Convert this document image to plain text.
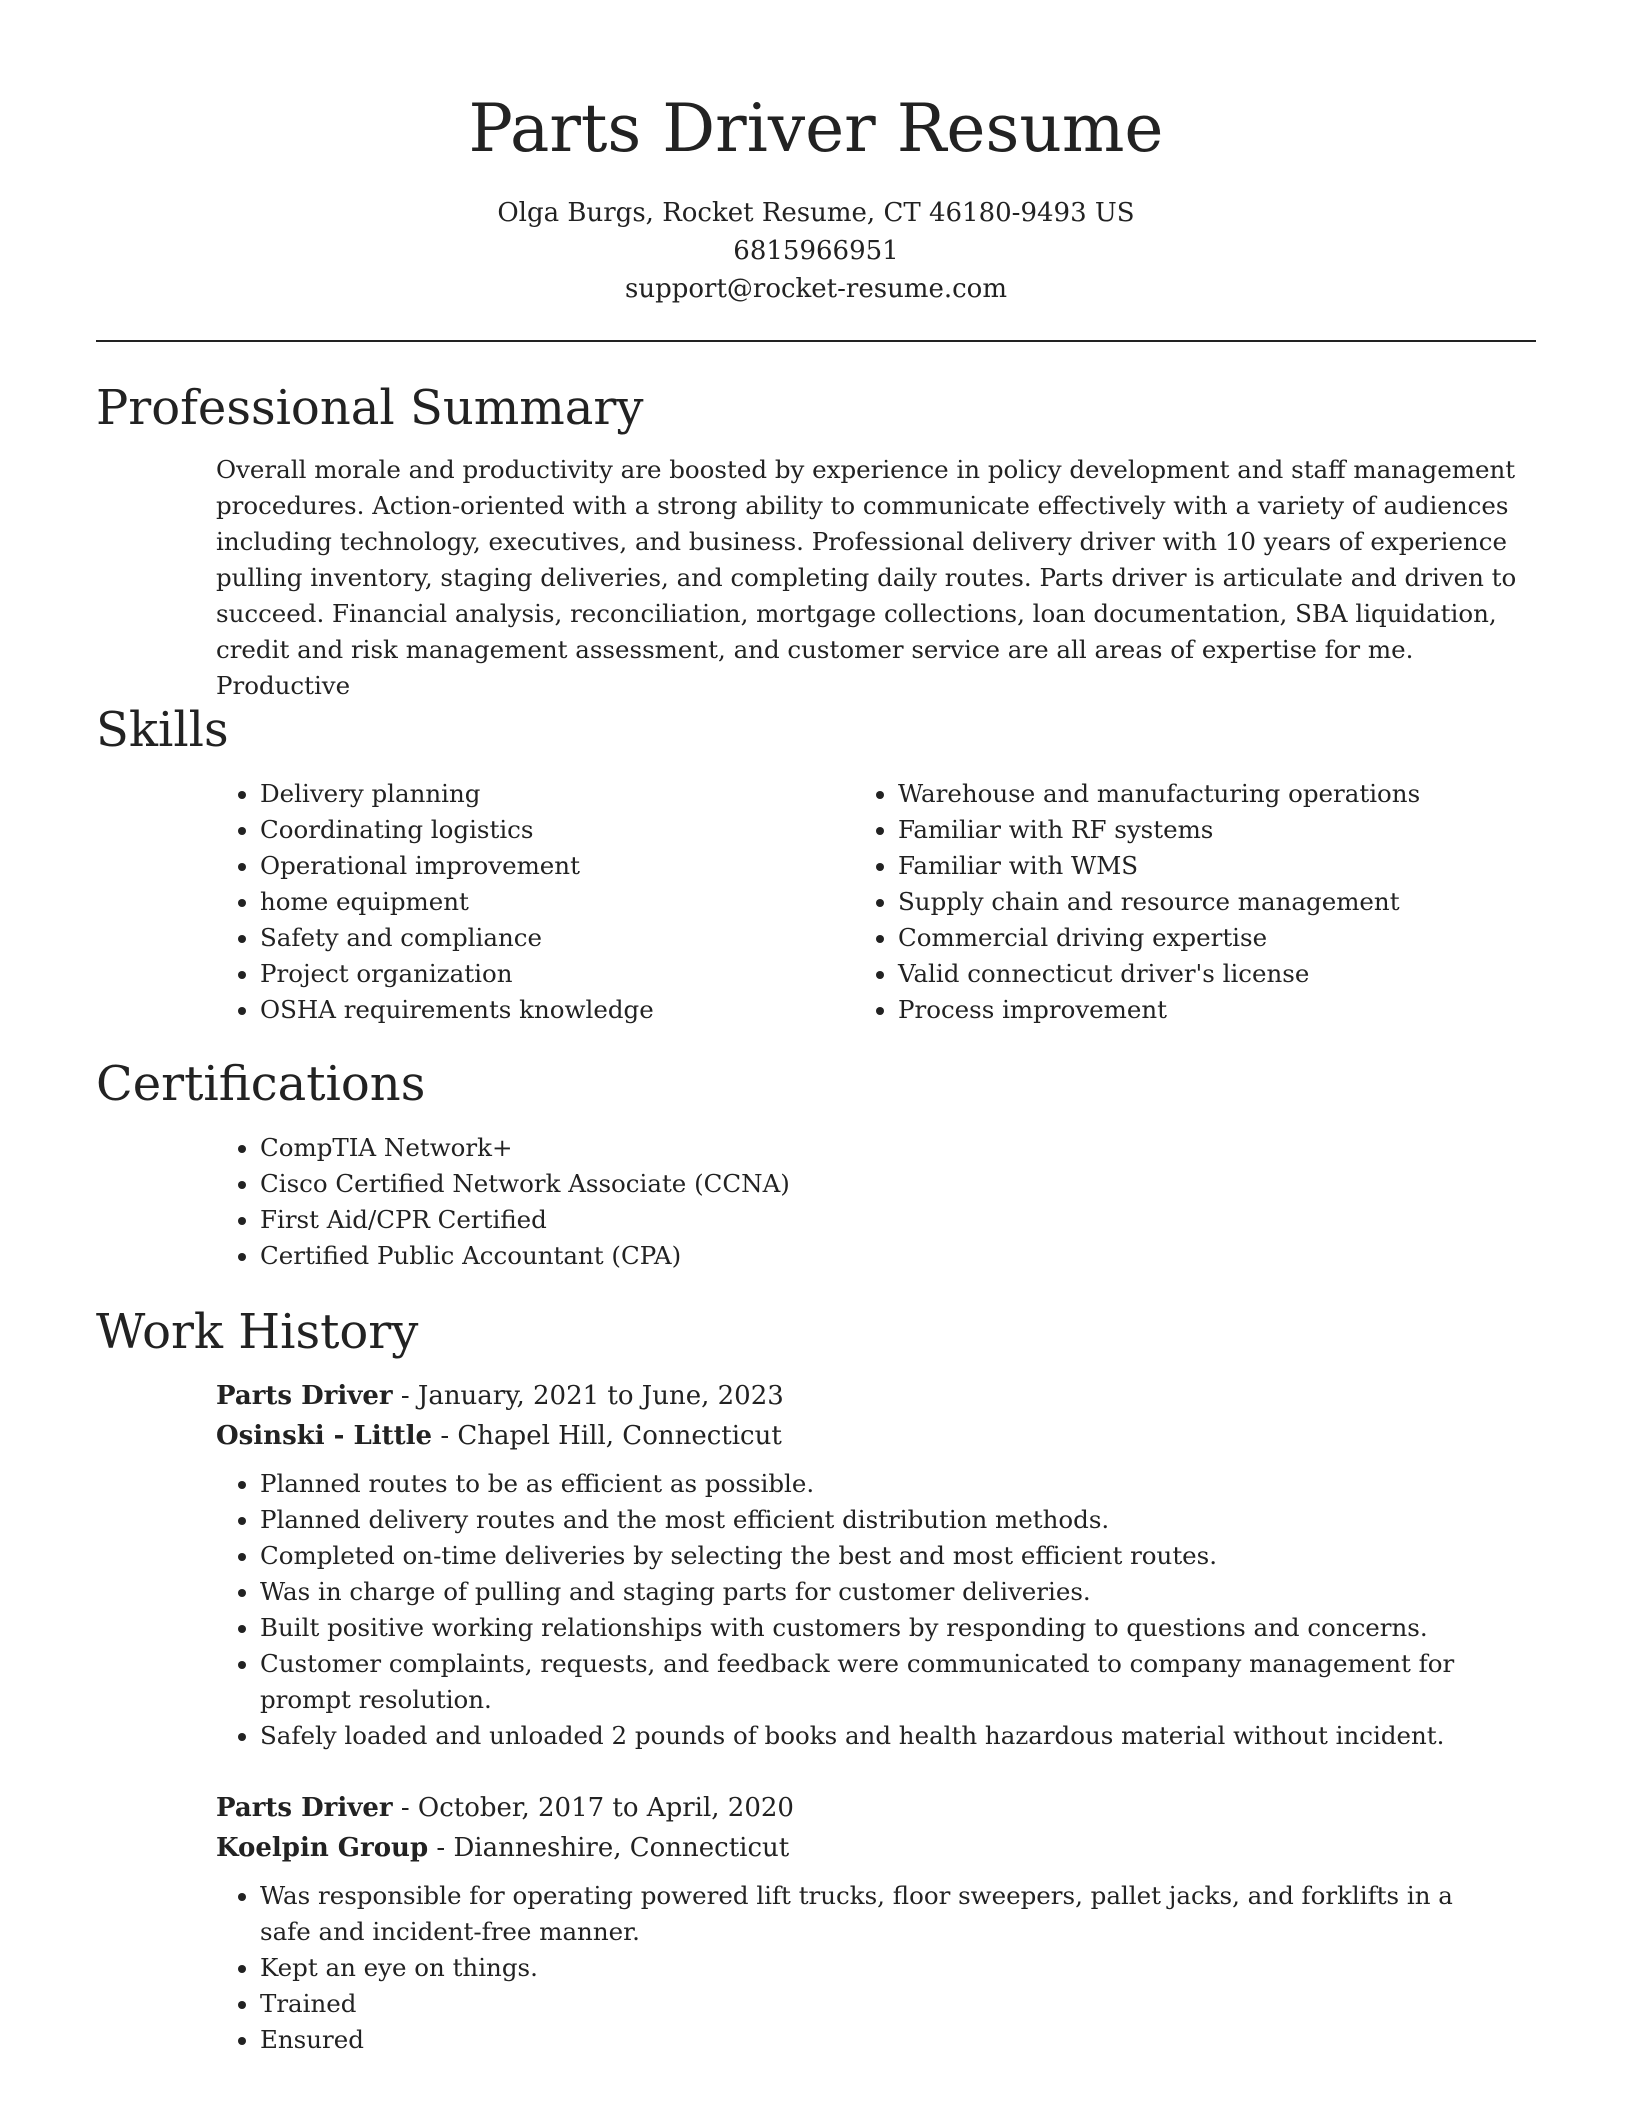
Parts Driver Resume
Olga Burgs, Rocket Resume, CT 46180-9493 US
6815966951
support@rocket-resume.com
Professional Summary

Overall morale and productivity are boosted by experience in policy development and staff management procedures. Action-oriented with a strong ability to communicate effectively with a variety of audiences including technology, executives, and business. Professional delivery driver with 10 years of experience pulling inventory, staging deliveries, and completing daily routes. Parts driver is articulate and driven to succeed. Financial analysis, reconciliation, mortgage collections, loan documentation, SBA liquidation, credit and risk management assessment, and customer service are all areas of expertise for me. Productive

Skills
• Delivery planning
• Coordinating logistics
• Operational improvement
• home equipment
• Safety and compliance
• Project organization
• OSHA requirements knowledge
• Warehouse and manufacturing operations
• Familiar with RF systems
• Familiar with WMS
• Supply chain and resource management
• Commercial driving expertise
• Valid connecticut driver's license
• Process improvement
Certifications
• CompTIA Network+
• Cisco Certified Network Associate (CCNA)
• First Aid/CPR Certified
• Certified Public Accountant (CPA)
Work History
Parts Driver - January, 2021 to June, 2023
Osinski - Little - Chapel Hill, Connecticut
• Planned routes to be as efficient as possible.
• Planned delivery routes and the most efficient distribution methods.
• Completed on-time deliveries by selecting the best and most efficient routes.
• Was in charge of pulling and staging parts for customer deliveries.
• Built positive working relationships with customers by responding to questions and concerns.
• Customer complaints, requests, and feedback were communicated to company management for prompt resolution.
• Safely loaded and unloaded 2 pounds of books and health hazardous material without incident.
Parts Driver - October, 2017 to April, 2020
Koelpin Group - Dianneshire, Connecticut
• Was responsible for operating powered lift trucks, floor sweepers, pallet jacks, and forklifts in a safe and incident-free manner.
• Kept an eye on things.
• Trained
• Ensured
